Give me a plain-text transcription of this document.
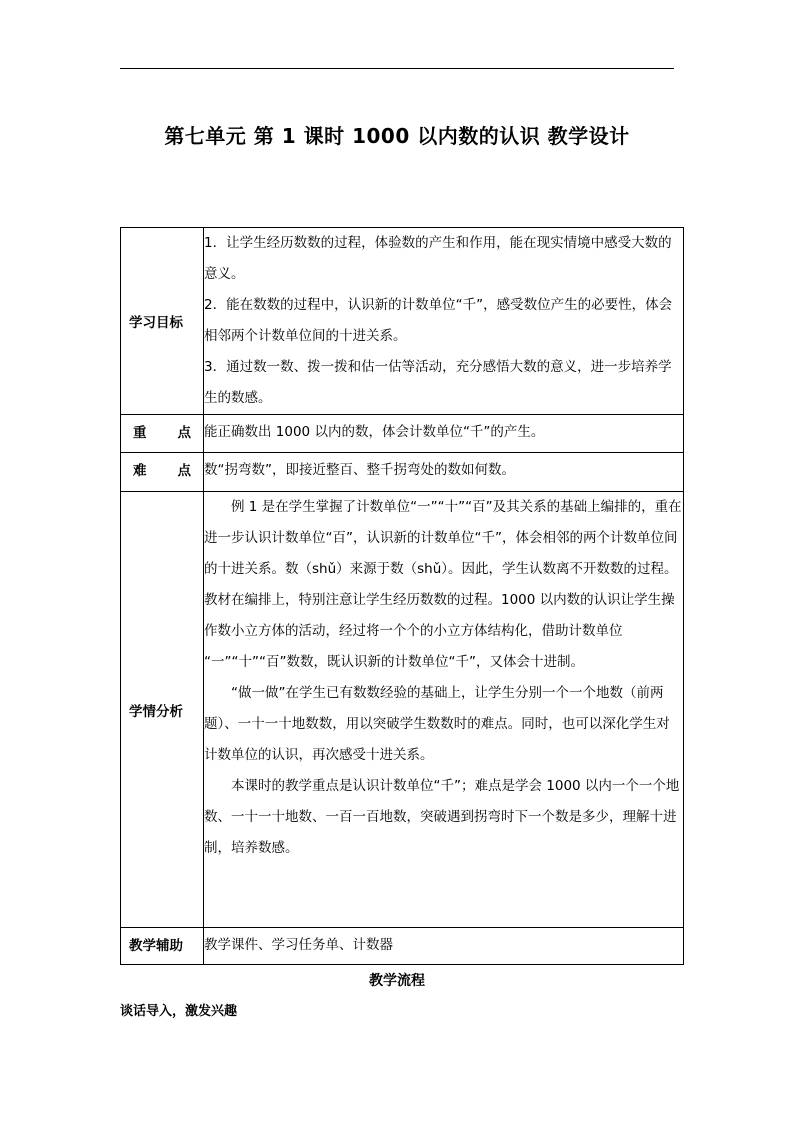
第七单元 第 1 课时 1000 以内数的认识 教学设计
学习目标	1．让学生经历数数的过程，体验数的产生和作用，能在现实情境中感受大数的意义。

2．能在数数的过程中，认识新的计数单位“千”，感受数位产生的必要性，体会相邻两个计数单位间的十进关系。

3．通过数一数、拨一拨和估一估等活动，充分感悟大数的意义，进一步培养学生的数感。

重 点	能正确数出 1000 以内的数，体会计数单位“千”的产生。

难 点	数“拐弯数”，即接近整百、整千拐弯处的数如何数。

学情分析	例 1 是在学生掌握了计数单位“一”“十”“百”及其关系的基础上编排的，重在进一步认识计数单位“百”，认识新的计数单位“千”，体会相邻的两个计数单位间的十进关系。数（shǔ）来源于数（shǔ）。因此，学生认数离不开数数的过程。教材在编排上，特别注意让学生经历数数的过程。1000 以内数的认识让学生操作数小立方体的活动，经过将一个个的小立方体结构化，借助计数单位 “一”“十”“百”数数，既认识新的计数单位“千”，又体会十进制。

“做一做”在学生已有数数经验的基础上，让学生分别一个一个地数（前两题）、一十一十地数数，用以突破学生数数时的难点。同时，也可以深化学生对计数单位的认识，再次感受十进关系。

本课时的教学重点是认识计数单位“千”；难点是学会 1000 以内一个一个地数、一十一十地数、一百一百地数，突破遇到拐弯时下一个数是多少，理解十进制，培养数感。

教学辅助	教学课件、学习任务单、计数器
教学流程
谈话导入，激发兴趣
